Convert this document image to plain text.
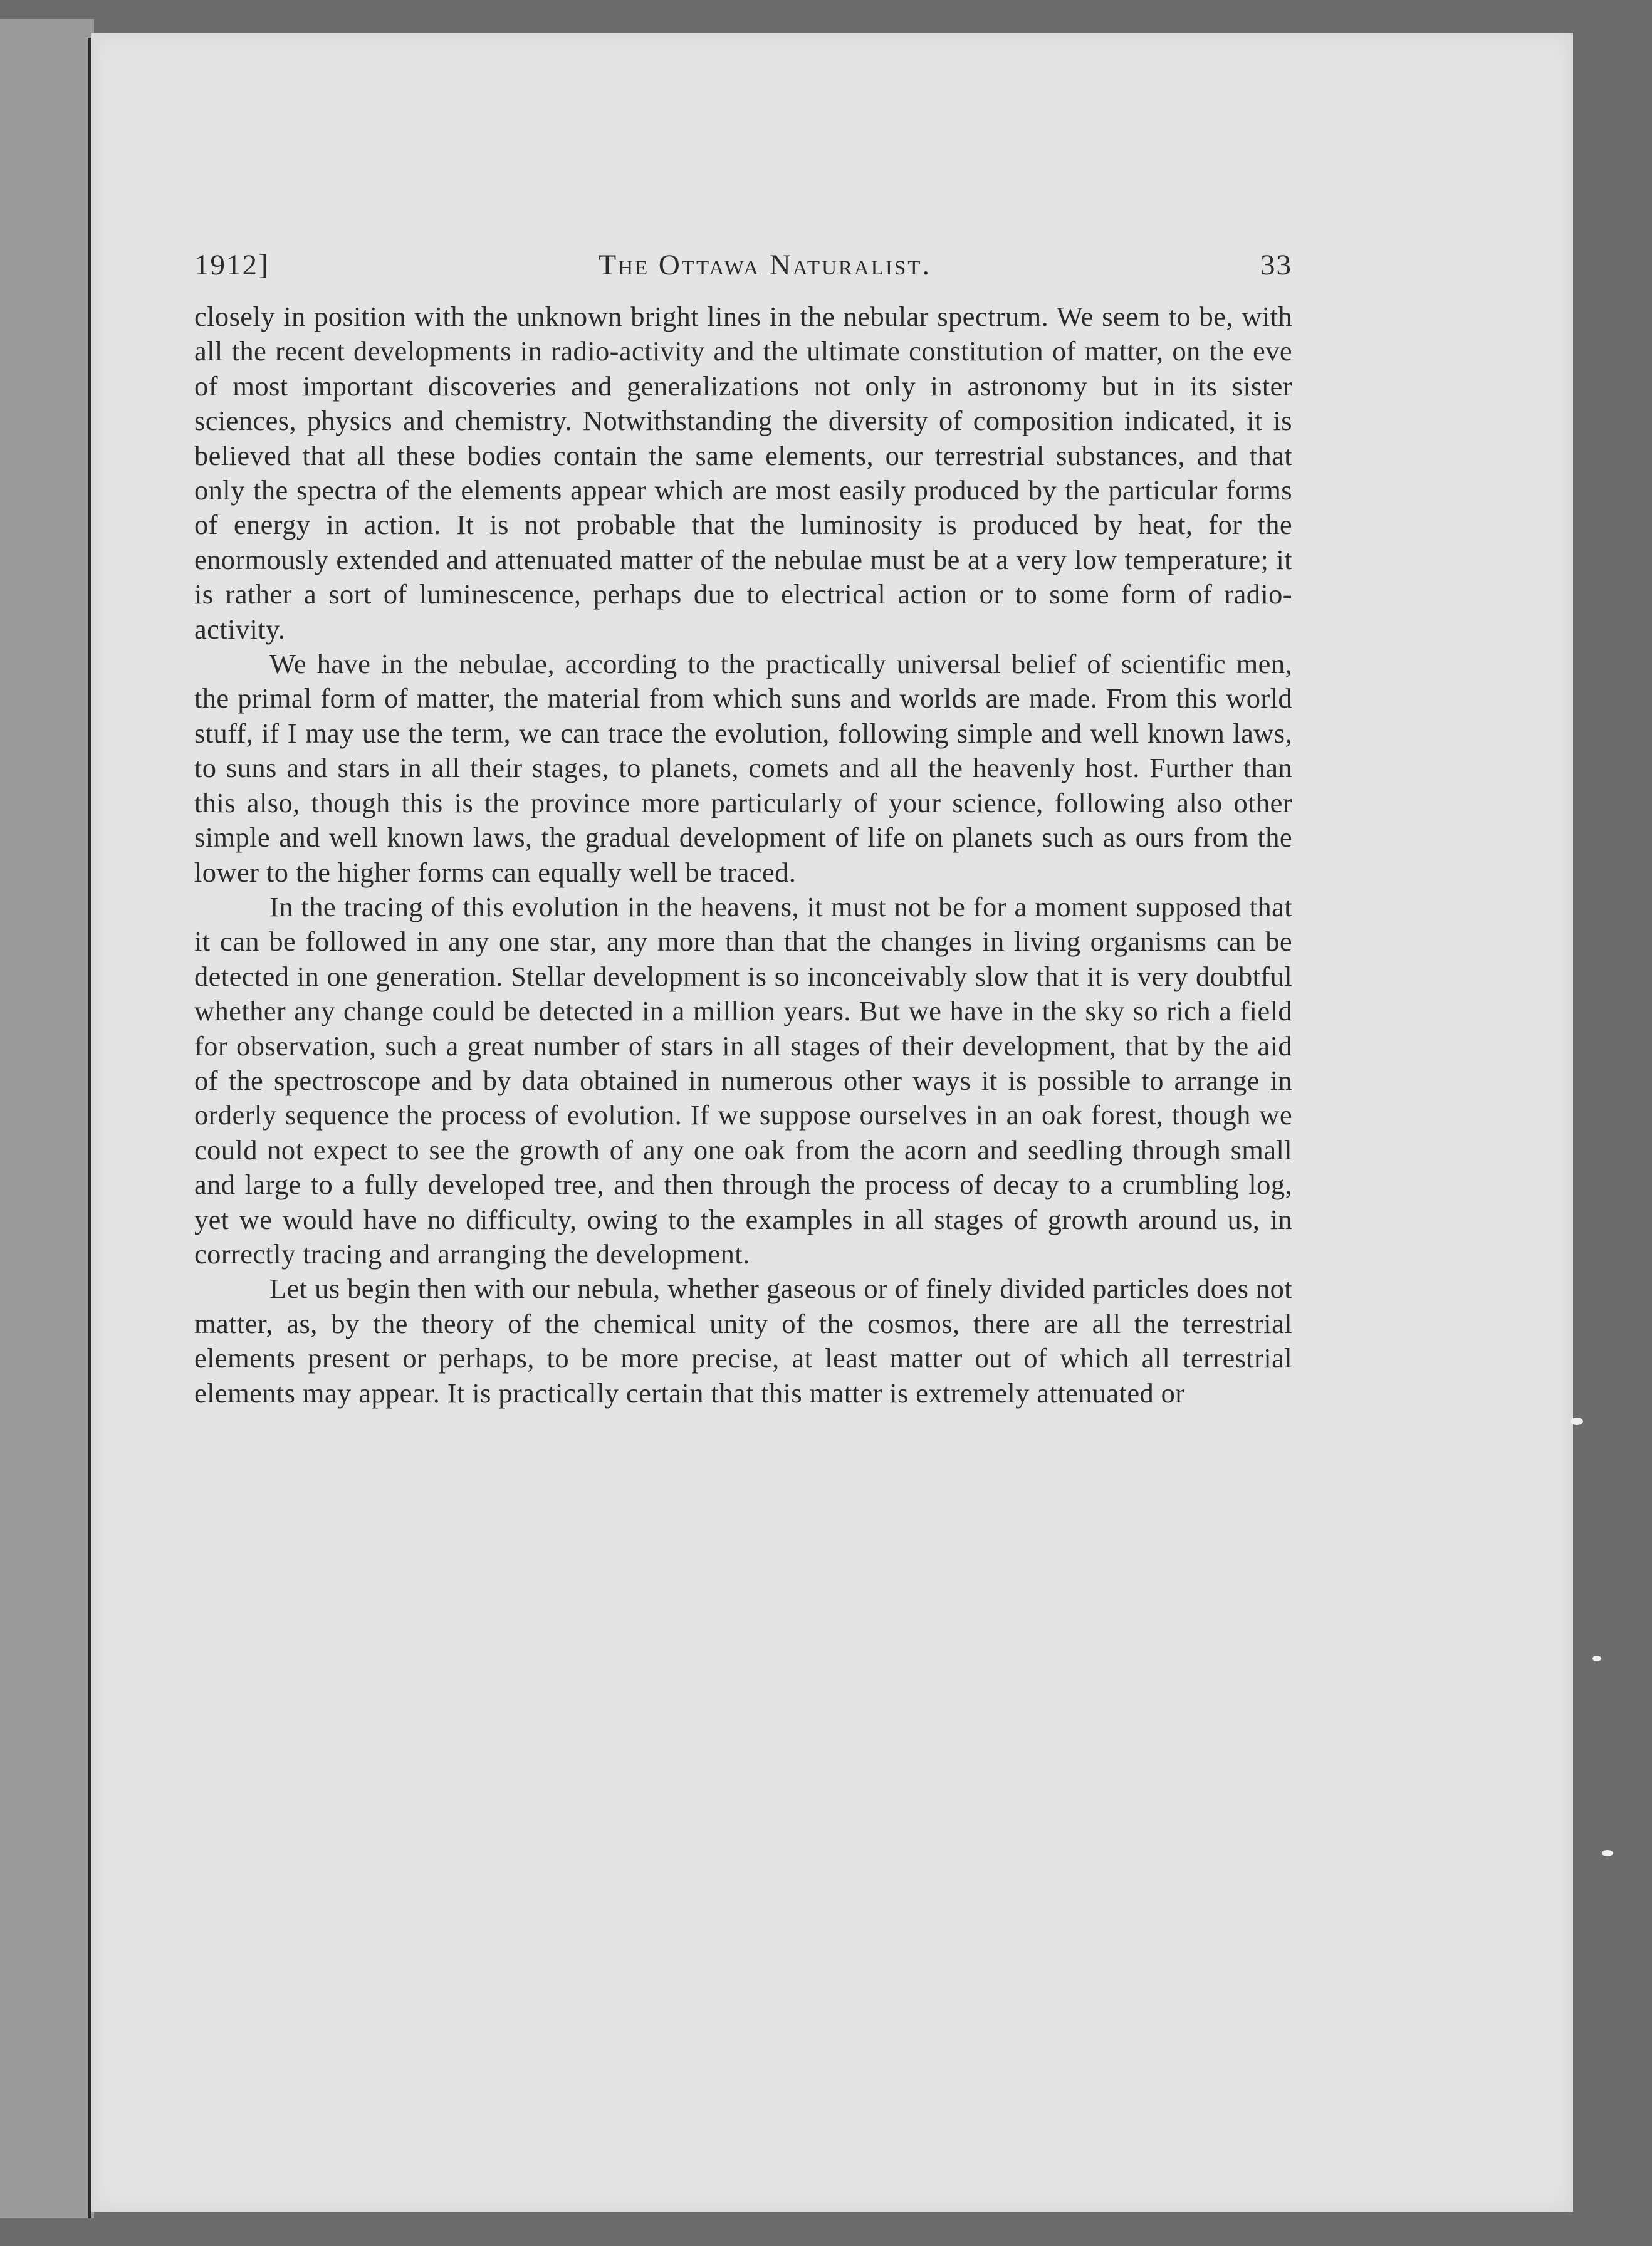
1912]	The Ottawa Naturalist.	33

closely in position with the unknown bright lines in the nebular spectrum. We seem to be, with all the recent developments in radio-activity and the ultimate constitution of matter, on the eve of most important discoveries and generalizations not only in astronomy but in its sister sciences, physics and chemistry. Notwithstanding the diversity of composition indicated, it is believed that all these bodies contain the same elements, our terrestrial substances, and that only the spectra of the elements appear which are most easily produced by the particular forms of energy in action. It is not probable that the luminosity is produced by heat, for the enormously extended and attenuated matter of the nebulae must be at a very low temperature; it is rather a sort of luminescence, perhaps due to electrical action or to some form of radio-activity.

We have in the nebulae, according to the practically universal belief of scientific men, the primal form of matter, the material from which suns and worlds are made. From this world stuff, if I may use the term, we can trace the evolution, following simple and well known laws, to suns and stars in all their stages, to planets, comets and all the heavenly host. Further than this also, though this is the province more particularly of your science, following also other simple and well known laws, the gradual development of life on planets such as ours from the lower to the higher forms can equally well be traced.

In the tracing of this evolution in the heavens, it must not be for a moment supposed that it can be followed in any one star, any more than that the changes in living organisms can be detected in one generation. Stellar development is so inconceivably slow that it is very doubtful whether any change could be detected in a million years. But we have in the sky so rich a field for observation, such a great number of stars in all stages of their development, that by the aid of the spectroscope and by data obtained in numerous other ways it is possible to arrange in orderly sequence the process of evolution. If we suppose ourselves in an oak forest, though we could not expect to see the growth of any one oak from the acorn and seedling through small and large to a fully developed tree, and then through the process of decay to a crumbling log, yet we would have no difficulty, owing to the examples in all stages of growth around us, in correctly tracing and arranging the development.

Let us begin then with our nebula, whether gaseous or of finely divided particles does not matter, as, by the theory of the chemical unity of the cosmos, there are all the terrestrial elements present or perhaps, to be more precise, at least matter out of which all terrestrial elements may appear. It is practically certain that this matter is extremely attenuated or
